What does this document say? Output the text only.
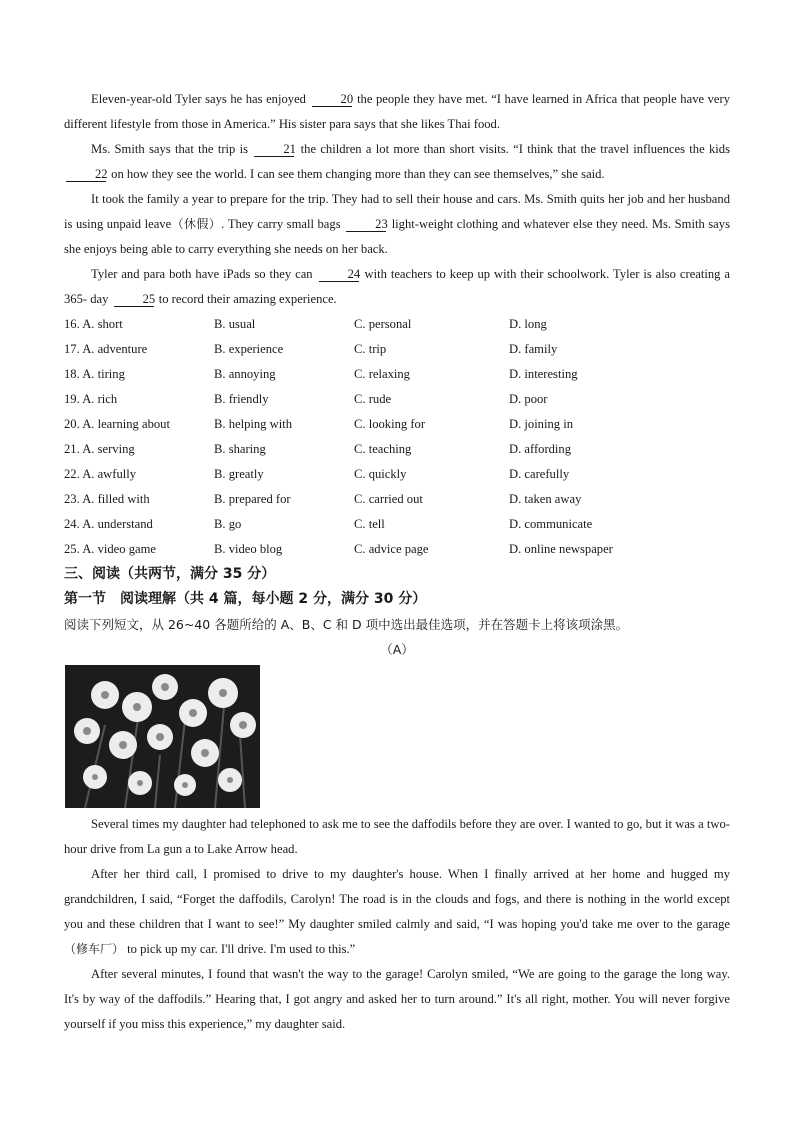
Eleven-year-old Tyler says he has enjoyed	20 the people they have met. “I have learned in Africa that people have very different lifestyle from those in America.” His sister para says that she likes Thai food.

Ms. Smith says that the trip is	21 the children a lot more than short visits. “I think that the travel influences the kids 22 on how they see the world. I can see them changing more than they can see themselves,” she said.

It took the family a year to prepare for the trip. They had to sell their house and cars. Ms. Smith quits her job and her husband is using unpaid leave（休假）. They carry small bags	23 light-weight clothing and whatever else they need. Ms. Smith says she enjoys being able to carry everything she needs on her back.

Tyler and para both have iPads so they can	24 with teachers to keep up with their schoolwork. Tyler is also creating a 365- day	25 to record their amazing experience.

16. A. short	B. usual	C. personal	D. long
17. A. adventure	B. experience	C. trip	D. family
18. A. tiring	B. annoying	C. relaxing	D. interesting
19. A. rich	B. friendly	C. rude	D. poor
20. A. learning about	B. helping with	C. looking for	D. joining in
21. A. serving	B. sharing	C. teaching	D. affording
22. A. awfully	B. greatly	C. quickly	D. carefully
23. A. filled with	B. prepared for	C. carried out	D. taken away
24. A. understand	B. go	C. tell	D. communicate
25. A. video game	B. video blog	C. advice page	D. online newspaper
三、阅读（共两节，满分 35 分）
第一节　阅读理解（共 4 篇，每小题 2 分，满分 30 分）
阅读下列短文，从 26~40 各题所给的 A、B、C 和 D 项中选出最佳选项，并在答题卡上将该项涂黑。
（A）

Several times my daughter had telephoned to ask me to see the daffodils before they are over. I wanted to go, but it was a two-hour drive from La gun a to Lake Arrow head.

After her third call, I promised to drive to my daughter's house. When I finally arrived at her home and hugged my grandchildren, I said, “Forget the daffodils, Carolyn! The road is in the clouds and fogs, and there is nothing in the world except you and these children that I want to see!” My daughter smiled calmly and said, “I was hoping you'd take me over to the garage（修车厂） to pick up my car. I'll drive. I'm used to this.”

After several minutes, I found that wasn't the way to the garage! Carolyn smiled, “We are going to the garage the long way. It's by way of the daffodils.” Hearing that, I got angry and asked her to turn around.” It's all right, mother. You will never forgive yourself if you miss this experience,” my daughter said.
